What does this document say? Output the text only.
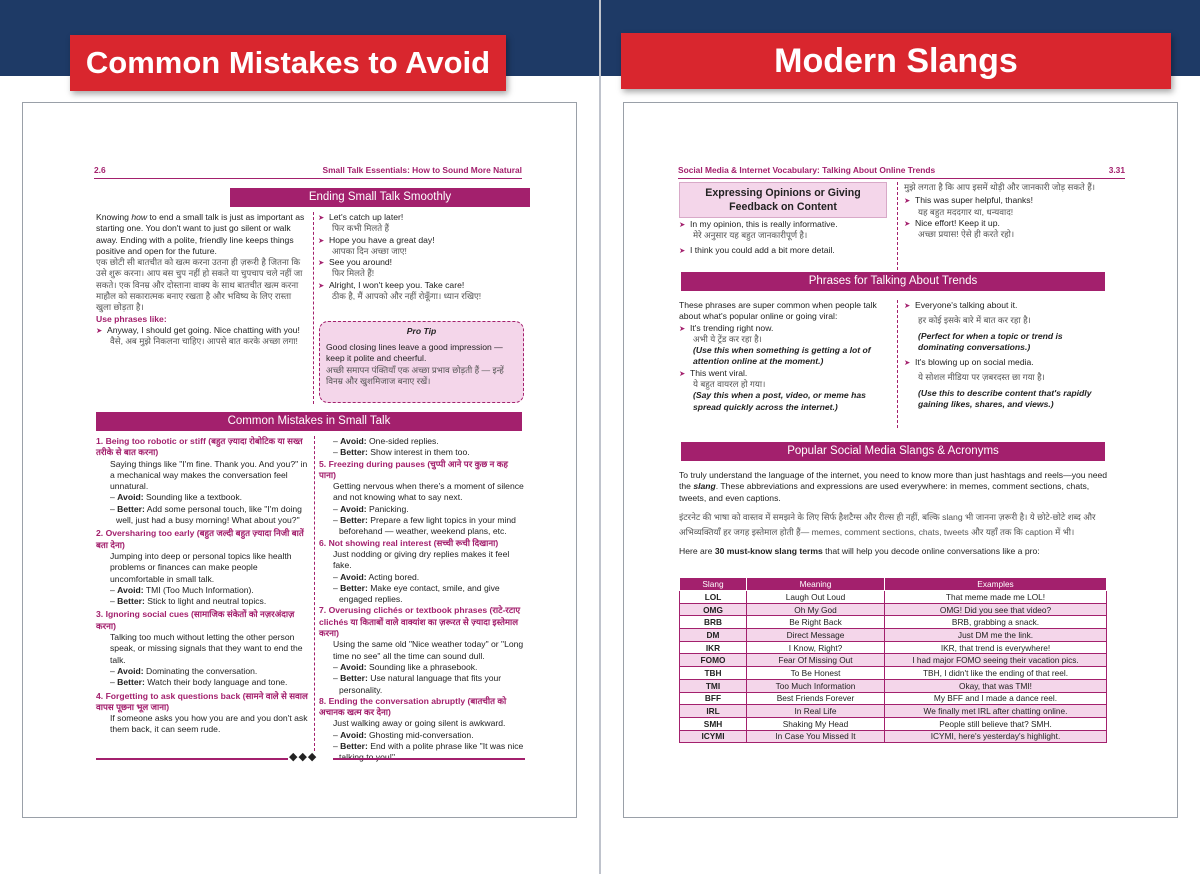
Common Mistakes to Avoid
2.6	Small Talk Essentials: How to Sound More Natural
Ending Small Talk Smoothly

Knowing how to end a small talk is just as important as starting one. You don't want to just go silent or walk away. Ending with a polite, friendly line keeps things positive and open for the future.

एक छोटी सी बातचीत को खत्म करना उतना ही ज़रूरी है जितना कि उसे शुरू करना। आप बस चुप नहीं हो सकते या चुपचाप चले नहीं जा सकते। एक विनम्र और दोस्ताना वाक्य के साथ बातचीत खत्म करना माहौल को सकारात्मक बनाए रखता है और भविष्य के लिए रास्ता खुला छोड़ता है।

Use phrases like:

➤ Anyway, I should get going. Nice chatting with you!

वैसे, अब मुझे निकलना चाहिए। आपसे बात करके अच्छा लगा!

➤ Let's catch up later!

फिर कभी मिलते हैं

➤ Hope you have a great day!

आपका दिन अच्छा जाए!

➤ See you around!

फिर मिलते हैं!

➤ Alright, I won't keep you. Take care!

ठीक है, मैं आपको और नहीं रोकूँगा। ध्यान रखिए!

Pro Tip
Good closing lines leave a good impression — keep it polite and cheerful.
अच्छी समापन पंक्तियाँ एक अच्छा प्रभाव छोड़ती हैं — इन्हें विनम्र और खुशमिजाज बनाए रखें।
Common Mistakes in Small Talk

1. Being too robotic or stiff (बहुत ज़्यादा रोबोटिक या सख्त तरीके से बात करना)

Saying things like "I'm fine. Thank you. And you?" in a mechanical way makes the conversation feel unnatural.

– Avoid: Sounding like a textbook.

– Better: Add some personal touch, like "I'm doing well, just had a busy morning! What about you?"

2. Oversharing too early (बहुत जल्दी बहुत ज़्यादा निजी बातें बता देना)

Jumping into deep or personal topics like health problems or finances can make people uncomfortable in small talk.

– Avoid: TMI (Too Much Information).

– Better: Stick to light and neutral topics.

3. Ignoring social cues (सामाजिक संकेतों को नज़रअंदाज़ करना)

Talking too much without letting the other person speak, or missing signals that they want to end the talk.

– Avoid: Dominating the conversation.

– Better: Watch their body language and tone.

4. Forgetting to ask questions back (सामने वाले से सवाल वापस पूछना भूल जाना)

If someone asks you how you are and you don't ask them back, it can seem rude.

– Avoid: One-sided replies.

– Better: Show interest in them too.

5. Freezing during pauses (चुप्पी आने पर कुछ न कह पाना)

Getting nervous when there's a moment of silence and not knowing what to say next.

– Avoid: Panicking.

– Better: Prepare a few light topics in your mind beforehand — weather, weekend plans, etc.

6. Not showing real interest (सच्ची रूची दिखाना)

Just nodding or giving dry replies makes it feel fake.

– Avoid: Acting bored.

– Better: Make eye contact, smile, and give engaged replies.

7. Overusing clichés or textbook phrases (राटे-रटाए clichés या किताबों वाले वाक्यांश का ज़रूरत से ज़्यादा इस्तेमाल करना)

Using the same old "Nice weather today" or "Long time no see" all the time can sound dull.

– Avoid: Sounding like a phrasebook.

– Better: Use natural language that fits your personality.

8. Ending the conversation abruptly (बातचीत को अचानक खत्म कर देना)

Just walking away or going silent is awkward.

– Avoid: Ghosting mid-conversation.

– Better: End with a polite phrase like "It was nice

◆◆◆
Modern Slangs
Social Media & Internet Vocabulary: Talking About Online Trends	3.31
Expressing Opinions or Giving Feedback on Content

➤ In my opinion, this is really informative.

मेरे अनुसार यह बहुत जानकारीपूर्ण है।

➤ I think you could add a bit more detail.

मुझे लगता है कि आप इसमें थोड़ी और जानकारी जोड़ सकते हैं।

➤ This was super helpful, thanks!

यह बहुत मददगार था, धन्यवाद!

➤ Nice effort! Keep it up.

अच्छा प्रयास! ऐसे ही करते रहो।

Phrases for Talking About Trends

These phrases are super common when people talk about what's popular online or going viral:

➤ It's trending right now.

अभी ये ट्रेंड कर रहा है।

(Use this when something is getting a lot of attention online at the moment.)

➤ This went viral.

ये बहुत वायरल हो गया।

(Say this when a post, video, or meme has spread quickly across the internet.)

➤ Everyone's talking about it.

हर कोई इसके बारे में बात कर रहा है।

(Perfect for when a topic or trend is dominating conversations.)

➤ It's blowing up on social media.

ये सोशल मीडिया पर ज़बरदस्त छा गया है।

(Use this to describe content that's rapidly gaining likes, shares, and views.)

Popular Social Media Slangs & Acronyms

To truly understand the language of the internet, you need to know more than just hashtags and reels—you need the slang. These abbreviations and expressions are used everywhere: in memes, comment sections, chats, tweets, and even captions.

इंटरनेट की भाषा को वास्तव में समझने के लिए सिर्फ हैशटैग्स और रील्स ही नहीं, बल्कि slang भी जानना ज़रूरी है। ये छोटे-छोटे शब्द और अभिव्यक्तियाँ हर जगह इस्तेमाल होती हैं— memes, comment sections, chats, tweets और यहाँ तक कि caption में भी।

Here are 30 must-know slang terms that will help you decode online conversations like a pro:

Slang	Meaning	Examples
LOL	Laugh Out Loud	That meme made me LOL!
OMG	Oh My God	OMG! Did you see that video?
BRB	Be Right Back	BRB, grabbing a snack.
DM	Direct Message	Just DM me the link.
IKR	I Know, Right?	IKR, that trend is everywhere!
FOMO	Fear Of Missing Out	I had major FOMO seeing their vacation pics.
TBH	To Be Honest	TBH, I didn't like the ending of that reel.
TMI	Too Much Information	Okay, that was TMI!
BFF	Best Friends Forever	My BFF and I made a dance reel.
IRL	In Real Life	We finally met IRL after chatting online.
SMH	Shaking My Head	People still believe that? SMH.
ICYMI	In Case You Missed It	ICYMI, here's yesterday's highlight.
